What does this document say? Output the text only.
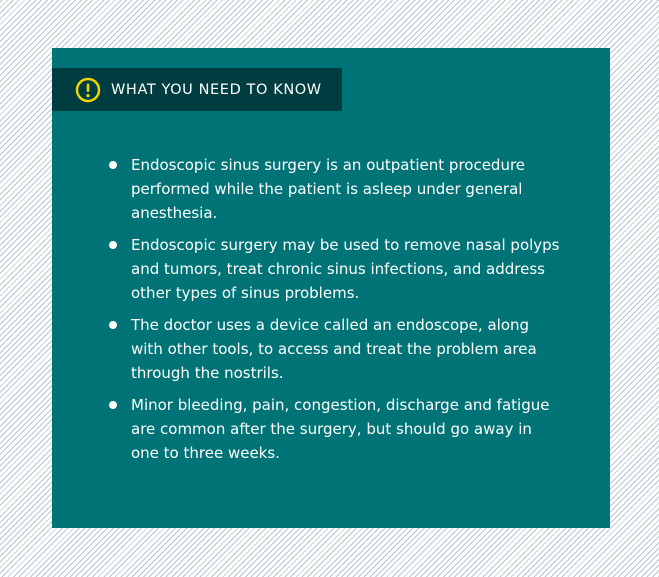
WHAT YOU NEED TO KNOW
Endoscopic sinus surgery is an outpatient procedure performed while the patient is asleep under general anesthesia.
Endoscopic surgery may be used to remove nasal polyps and tumors, treat chronic sinus infections, and address other types of sinus problems.
The doctor uses a device called an endoscope, along with other tools, to access and treat the problem area through the nostrils.
Minor bleeding, pain, congestion, discharge and fatigue are common after the surgery, but should go away in one to three weeks.
